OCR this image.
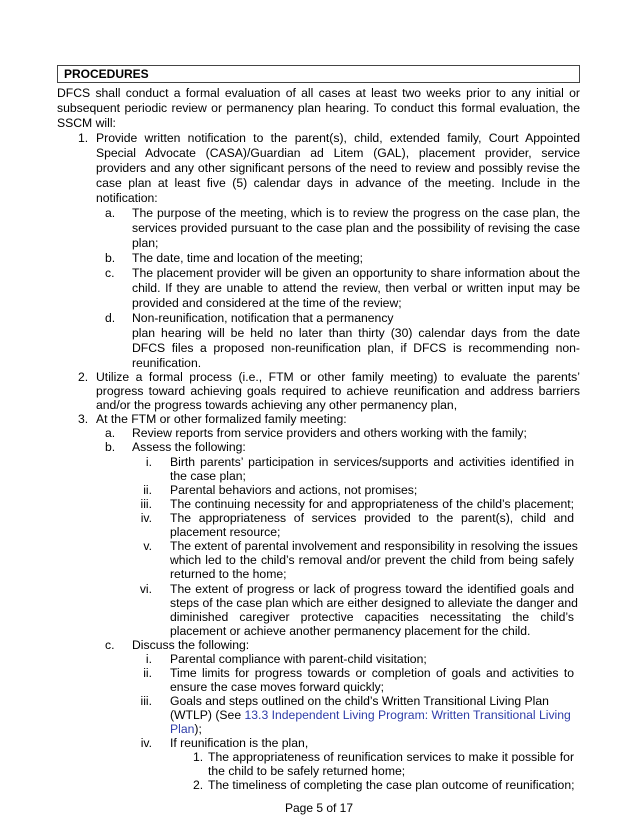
PROCEDURES
DFCS shall conduct a formal evaluation of all cases at least two weeks prior to any initial or
subsequent periodic review or permanency plan hearing. To conduct this formal evaluation, the
SSCM will:
1. Provide written notification to the parent(s), child, extended family, Court Appointed
Special Advocate (CASA)/Guardian ad Litem (GAL), placement provider, service
providers and any other significant persons of the need to review and possibly revise the
case plan at least five (5) calendar days in advance of the meeting. Include in the
notification:
a. The purpose of the meeting, which is to review the progress on the case plan, the
services provided pursuant to the case plan and the possibility of revising the case
plan;
b. The date, time and location of the meeting;
c. The placement provider will be given an opportunity to share information about the
child. If they are unable to attend the review, then verbal or written input may be
provided and considered at the time of the review;
d. Non-reunification, notification that a permanency
plan hearing will be held no later than thirty (30) calendar days from the date
DFCS files a proposed non-reunification plan, if DFCS is recommending non-
reunification.
2. Utilize a formal process (i.e., FTM or other family meeting) to evaluate the parents’
progress toward achieving goals required to achieve reunification and address barriers
and/or the progress towards achieving any other permanency plan,
3. At the FTM or other formalized family meeting:
a. Review reports from service providers and others working with the family;
b. Assess the following:
i. Birth parents’ participation in services/supports and activities identified in
the case plan;
ii. Parental behaviors and actions, not promises;
iii. The continuing necessity for and appropriateness of the child’s placement;
iv. The appropriateness of services provided to the parent(s), child and
placement resource;
v. The extent of parental involvement and responsibility in resolving the issues
which led to the child’s removal and/or prevent the child from being safely
returned to the home;
vi. The extent of progress or lack of progress toward the identified goals and
steps of the case plan which are either designed to alleviate the danger and
diminished caregiver protective capacities necessitating the child’s
placement or achieve another permanency placement for the child.
c. Discuss the following:
i. Parental compliance with parent-child visitation;
ii. Time limits for progress towards or completion of goals and activities to
ensure the case moves forward quickly;
iii. Goals and steps outlined on the child’s Written Transitional Living Plan
(WTLP) (See 13.3 Independent Living Program: Written Transitional Living
Plan);
iv. If reunification is the plan,
1. The appropriateness of reunification services to make it possible for
the child to be safely returned home;
2. The timeliness of completing the case plan outcome of reunification;
Page 5 of 17
